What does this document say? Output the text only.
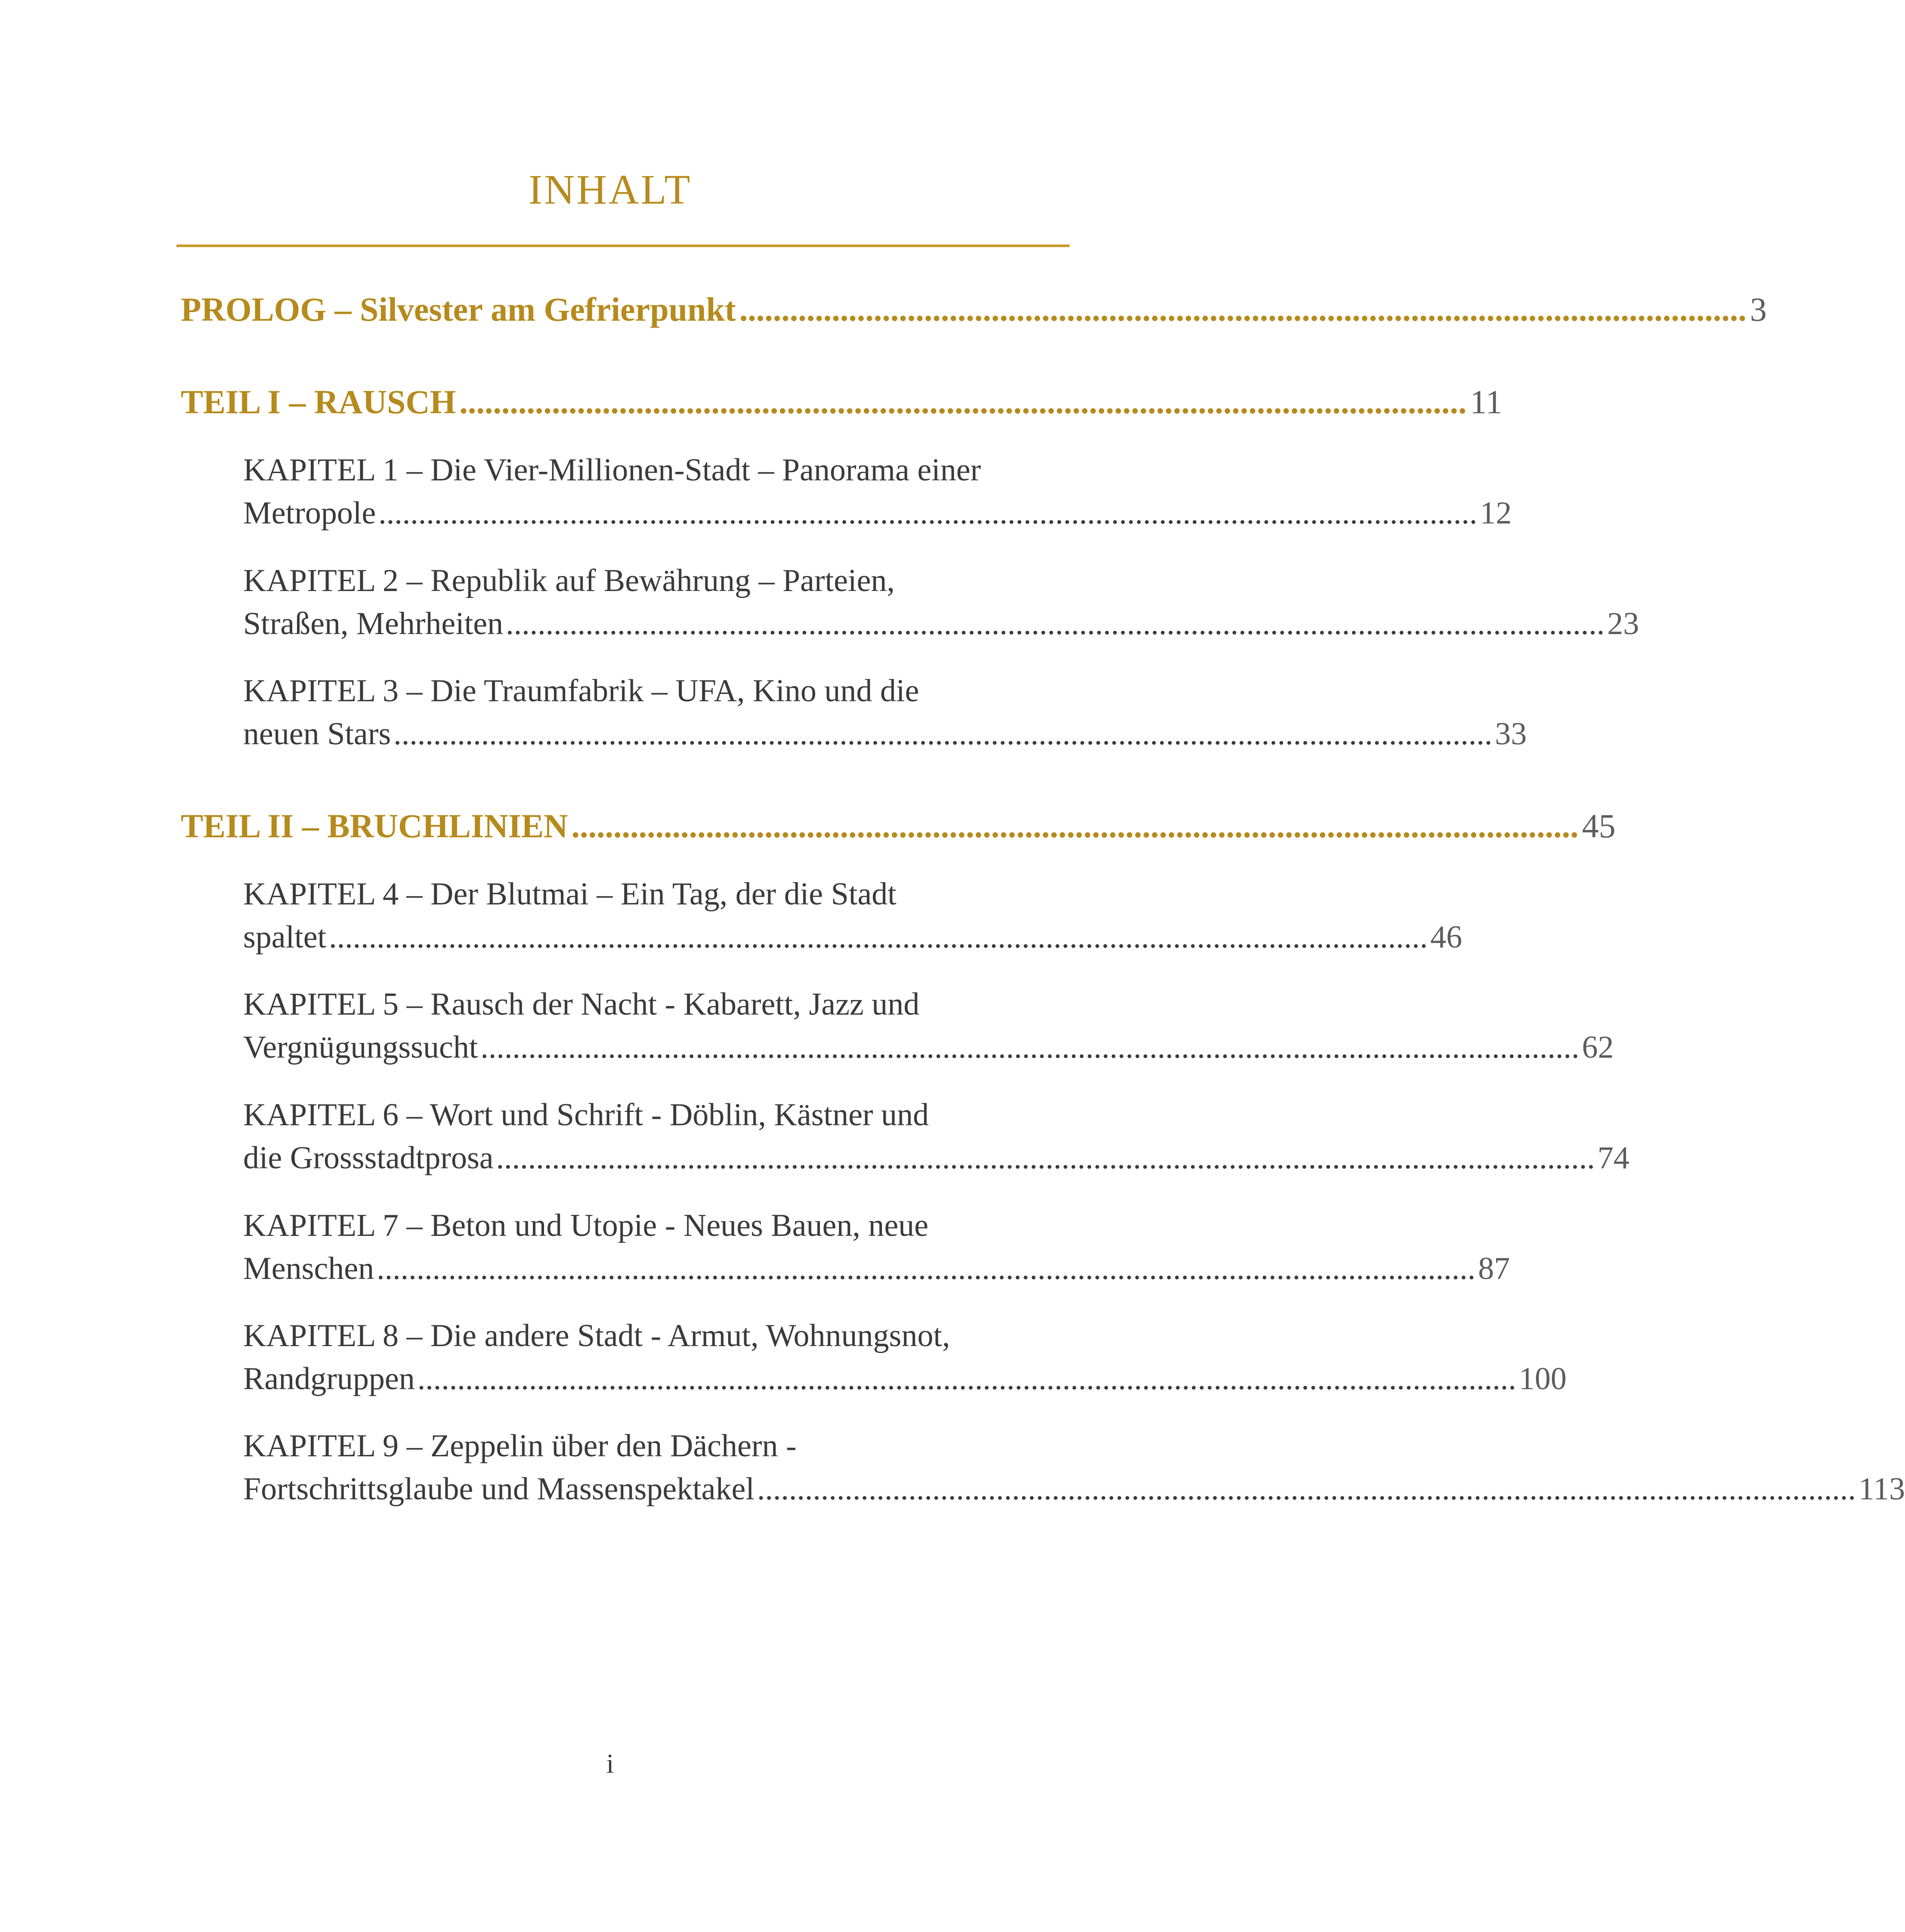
INHALT
PROLOG – Silvester am Gefrierpunkt ........................................................................................................................ 3
TEIL I – RAUSCH ........................................................................................................................ 11
KAPITEL 1 – Die Vier-Millionen-Stadt – Panorama einer
Metropole .......................................................................................................................................... 12
KAPITEL 2 – Republik auf Bewährung – Parteien,
Straßen, Mehrheiten .......................................................................................................................................... 23
KAPITEL 3 – Die Traumfabrik – UFA, Kino und die
neuen Stars .......................................................................................................................................... 33
TEIL II – BRUCHLINIEN ........................................................................................................................ 45
KAPITEL 4 – Der Blutmai – Ein Tag, der die Stadt
spaltet .......................................................................................................................................... 46
KAPITEL 5 – Rausch der Nacht - Kabarett, Jazz und
Vergnügungssucht .......................................................................................................................................... 62
KAPITEL 6 – Wort und Schrift - Döblin, Kästner und
die Grossstadtprosa .......................................................................................................................................... 74
KAPITEL 7 – Beton und Utopie - Neues Bauen, neue
Menschen .......................................................................................................................................... 87
KAPITEL 8 – Die andere Stadt - Armut, Wohnungsnot,
Randgruppen .......................................................................................................................................... 100
KAPITEL 9 – Zeppelin über den Dächern -
Fortschrittsglaube und Massenspektakel .......................................................................................................................................... 113
i
